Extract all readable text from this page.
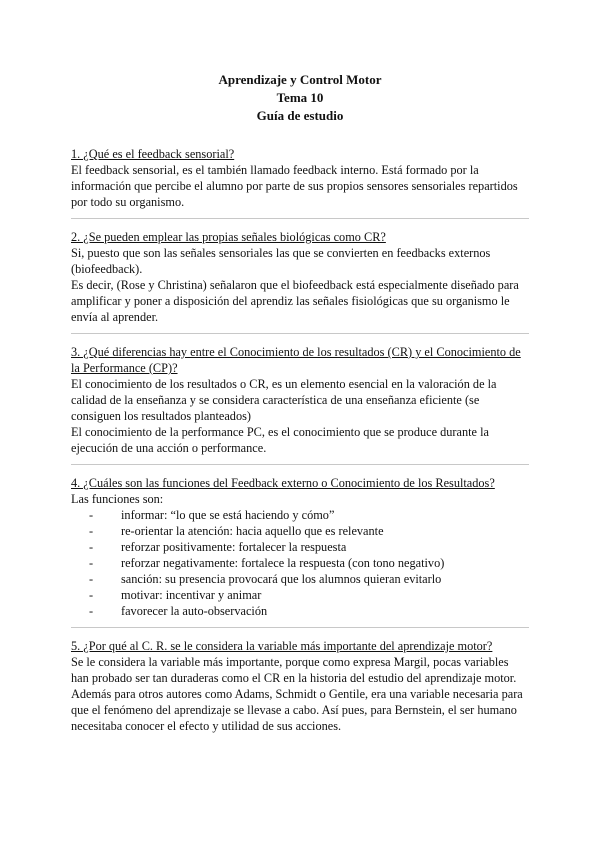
Aprendizaje y Control Motor
Tema 10
Guía de estudio

1. ¿Qué es el feedback sensorial?

El feedback sensorial, es el también llamado feedback interno. Está formado por la información que percibe el alumno por parte de sus propios sensores sensoriales repartidos por todo su organismo.

2. ¿Se pueden emplear las propias señales biológicas como CR?

Si, puesto que son las señales sensoriales las que se convierten en feedbacks externos (biofeedback).

Es decir, (Rose y Christina) señalaron que el biofeedback está especialmente diseñado para amplificar y poner a disposición del aprendiz las señales fisiológicas que su organismo le envía al aprender.

3. ¿Qué diferencias hay entre el Conocimiento de los resultados (CR) y el Conocimiento de la Performance (CP)?

El conocimiento de los resultados o CR, es un elemento esencial en la valoración de la calidad de la enseñanza y se considera característica de una enseñanza eficiente (se consiguen los resultados planteados)

El conocimiento de la performance PC, es el conocimiento que se produce durante la ejecución de una acción o performance.

4. ¿Cuáles son las funciones del Feedback externo o Conocimiento de los Resultados?

Las funciones son:

- informar: “lo que se está haciendo y cómo”
- re-orientar la atención: hacia aquello que es relevante
- reforzar positivamente: fortalecer la respuesta
- reforzar negativamente: fortalece la respuesta (con tono negativo)
- sanción: su presencia provocará que los alumnos quieran evitarlo
- motivar: incentivar y animar
- favorecer la auto-observación

5. ¿Por qué al C. R. se le considera la variable más importante del aprendizaje motor?

Se le considera la variable más importante, porque como expresa Margil, pocas variables han probado ser tan duraderas como el CR en la historia del estudio del aprendizaje motor. Además para otros autores como Adams, Schmidt o Gentile, era una variable necesaria para que el fenómeno del aprendizaje se llevase a cabo. Así pues, para Bernstein, el ser humano necesitaba conocer el efecto y utilidad de sus acciones.
